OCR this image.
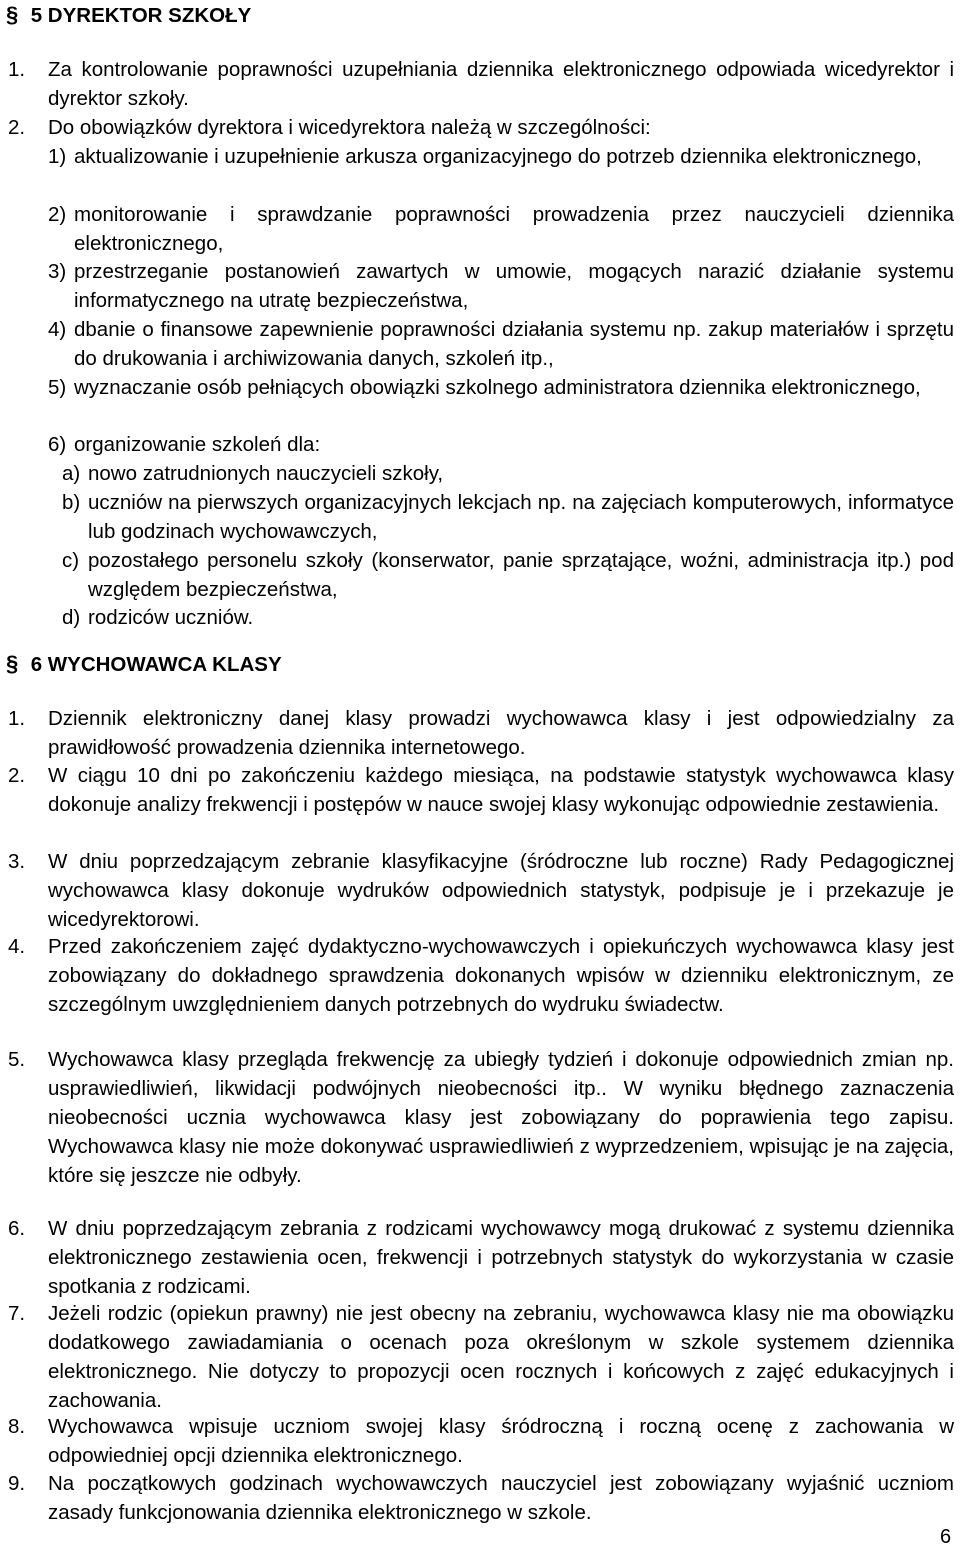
§ 5 DYREKTOR SZKOŁY
1. Za kontrolowanie poprawności uzupełniania dziennika elektronicznego odpowiada wicedyrektor i dyrektor szkoły.
2. Do obowiązków dyrektora i wicedyrektora należą w szczególności:
1) aktualizowanie i uzupełnienie arkusza organizacyjnego do potrzeb dziennika elektronicznego,
2) monitorowanie i sprawdzanie poprawności prowadzenia przez nauczycieli dziennika elektronicznego,
3) przestrzeganie postanowień zawartych w umowie, mogących narazić działanie systemu informatycznego na utratę bezpieczeństwa,
4) dbanie o finansowe zapewnienie poprawności działania systemu np. zakup materiałów i sprzętu do drukowania i archiwizowania danych, szkoleń itp.,
5) wyznaczanie osób pełniących obowiązki szkolnego administratora dziennika elektronicznego,
6) organizowanie szkoleń dla:
a) nowo zatrudnionych nauczycieli szkoły,
b) uczniów na pierwszych organizacyjnych lekcjach np. na zajęciach komputerowych, informatyce lub godzinach wychowawczych,
c) pozostałego personelu szkoły (konserwator, panie sprzątające, woźni, administracja itp.) pod względem bezpieczeństwa,
d) rodziców uczniów.
§ 6 WYCHOWAWCA KLASY
1. Dziennik elektroniczny danej klasy prowadzi wychowawca klasy i jest odpowiedzialny za prawidłowość prowadzenia dziennika internetowego.
2. W ciągu 10 dni po zakończeniu każdego miesiąca, na podstawie statystyk wychowawca klasy dokonuje analizy frekwencji i postępów w nauce swojej klasy wykonując odpowiednie zestawienia.
3. W dniu poprzedzającym zebranie klasyfikacyjne (śródroczne lub roczne) Rady Pedagogicznej wychowawca klasy dokonuje wydruków odpowiednich statystyk, podpisuje je i przekazuje je wicedyrektorowi.
4. Przed zakończeniem zajęć dydaktyczno-wychowawczych i opiekuńczych wychowawca klasy jest zobowiązany do dokładnego sprawdzenia dokonanych wpisów w dzienniku elektronicznym, ze szczególnym uwzględnieniem danych potrzebnych do wydruku świadectw.
5. Wychowawca klasy przegląda frekwencję za ubiegły tydzień i dokonuje odpowiednich zmian np. usprawiedliwień, likwidacji podwójnych nieobecności itp.. W wyniku błędnego zaznaczenia nieobecności ucznia wychowawca klasy jest zobowiązany do poprawienia tego zapisu. Wychowawca klasy nie może dokonywać usprawiedliwień z wyprzedzeniem, wpisując je na zajęcia, które się jeszcze nie odbyły.
6. W dniu poprzedzającym zebrania z rodzicami wychowawcy mogą drukować z systemu dziennika elektronicznego zestawienia ocen, frekwencji i potrzebnych statystyk do wykorzystania w czasie spotkania z rodzicami.
7. Jeżeli rodzic (opiekun prawny) nie jest obecny na zebraniu, wychowawca klasy nie ma obowiązku dodatkowego zawiadamiania o ocenach poza określonym w szkole systemem dziennika elektronicznego. Nie dotyczy to propozycji ocen rocznych i końcowych z zajęć edukacyjnych i zachowania.
8. Wychowawca wpisuje uczniom swojej klasy śródroczną i roczną ocenę z zachowania w odpowiedniej opcji dziennika elektronicznego.
9. Na początkowych godzinach wychowawczych nauczyciel jest zobowiązany wyjaśnić uczniom zasady funkcjonowania dziennika elektronicznego w szkole.
6
